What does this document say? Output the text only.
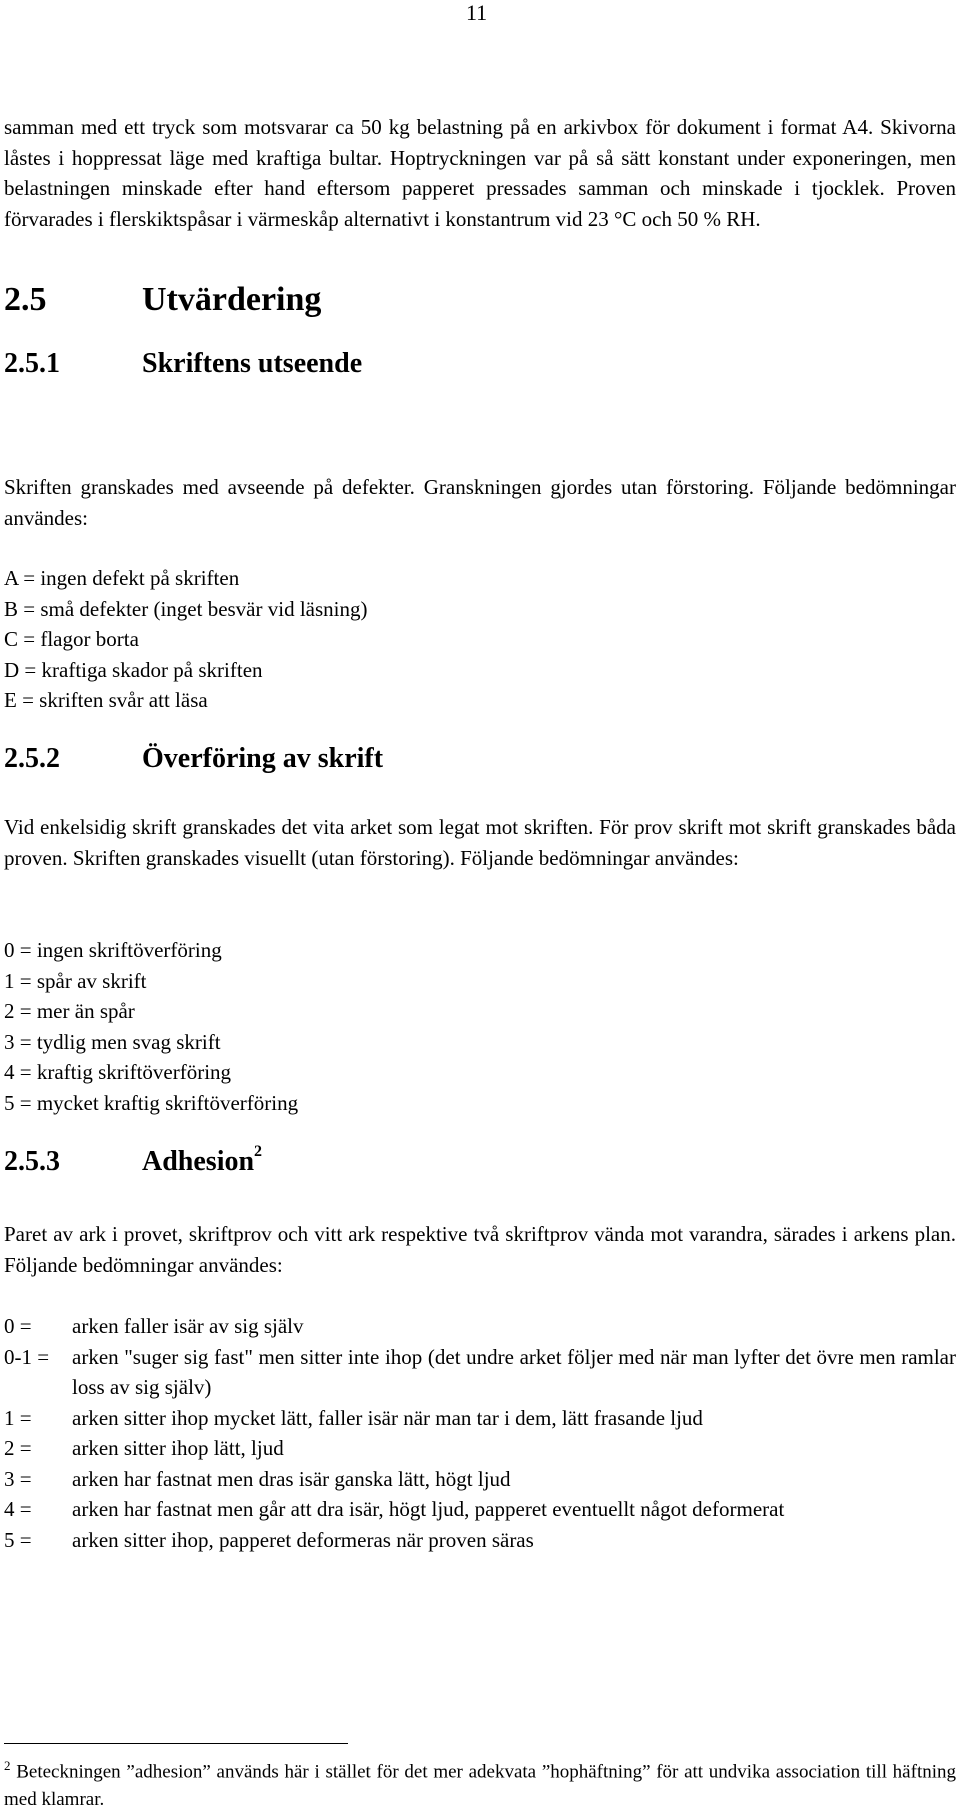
11

samman med ett tryck som motsvarar ca 50 kg belastning på en arkivbox för dokument i format A4. Skivorna låstes i hoppressat läge med kraftiga bultar. Hoptryckningen var på så sätt konstant under exponeringen, men belastningen minskade efter hand eftersom papperet pressades samman och minskade i tjocklek. Proven förvarades i flerskiktspåsar i värmeskåp alternativt i konstantrum vid 23 °C och 50 % RH.

2.5	Utvärdering
2.5.1	Skriftens utseende

Skriften granskades med avseende på defekter. Granskningen gjordes utan förstoring. Följande bedömningar användes:

A = ingen defekt på skriften
B = små defekter (inget besvär vid läsning)
C = flagor borta
D = kraftiga skador på skriften
E = skriften svår att läsa
2.5.2	Överföring av skrift

Vid enkelsidig skrift granskades det vita arket som legat mot skriften. För prov skrift mot skrift granskades båda proven. Skriften granskades visuellt (utan förstoring). Följande bedömningar användes:

0 = ingen skriftöverföring
1 = spår av skrift
2 = mer än spår
3 = tydlig men svag skrift
4 = kraftig skriftöverföring
5 = mycket kraftig skriftöverföring
2.5.3	Adhesion$^2$

Paret av ark i provet, skriftprov och vitt ark respektive två skriftprov vända mot varandra, särades i arkens plan. Följande bedömningar användes:

0 =	arken faller isär av sig själv
0-1 =	arken "suger sig fast" men sitter inte ihop (det undre arket följer med när man lyfter det övre men ramlar loss av sig själv)
1 =	arken sitter ihop mycket lätt, faller isär när man tar i dem, lätt frasande ljud
2 =	arken sitter ihop lätt, ljud
3 =	arken har fastnat men dras isär ganska lätt, högt ljud
4 =	arken har fastnat men går att dra isär, högt ljud, papperet eventuellt något deformerat
5 =	arken sitter ihop, papperet deformeras när proven säras
$^2$ Beteckningen ”adhesion” används här i stället för det mer adekvata ”hophäftning” för att undvika association till häftning med klamrar.
